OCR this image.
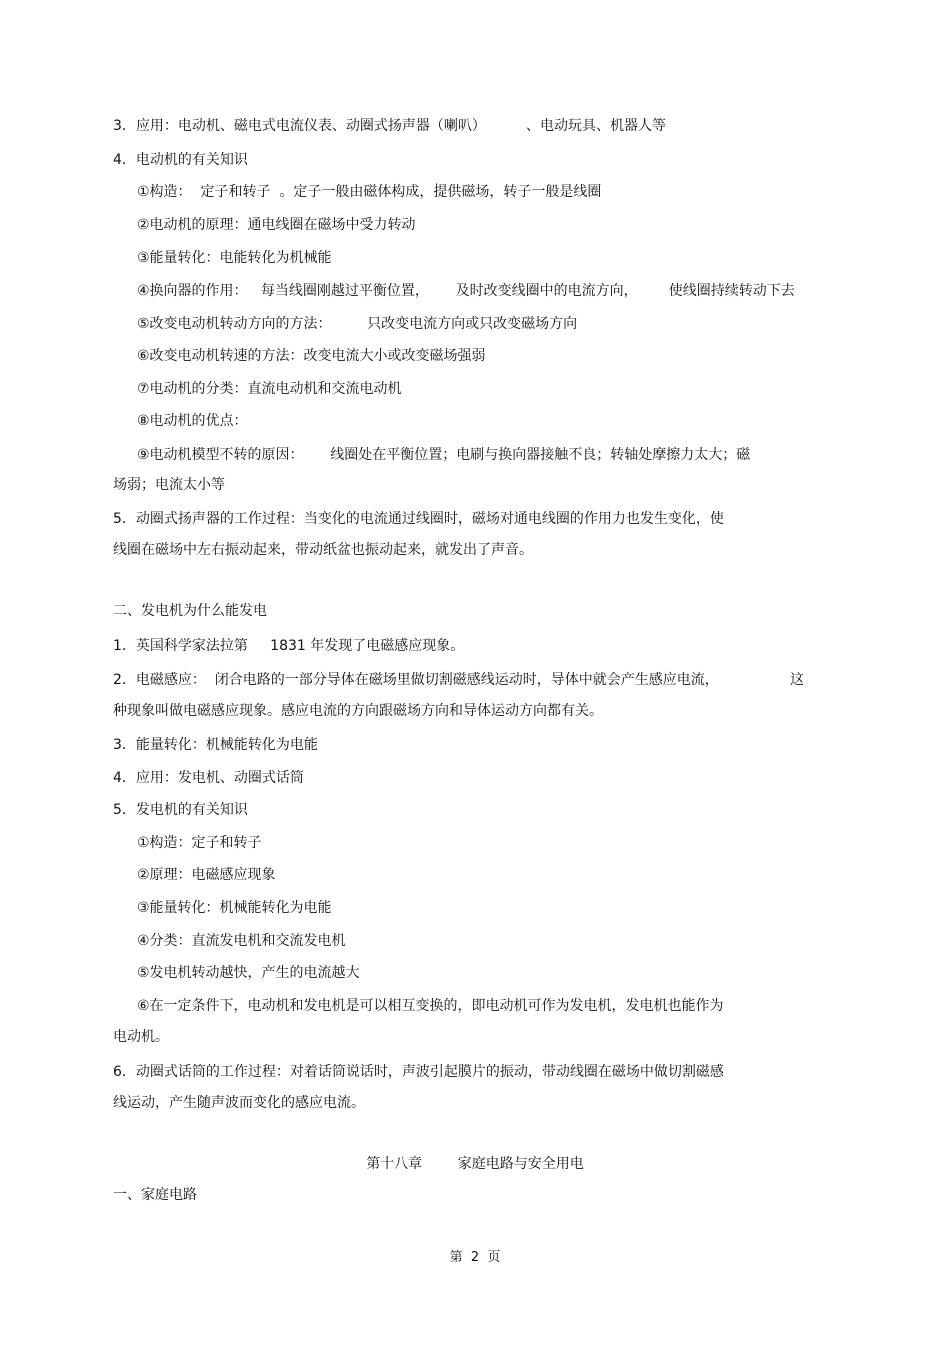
3．应用：电动机、磁电式电流仪表、动圈式扬声器（喇叭）         、电动玩具、机器人等
4．电动机的有关知识
①构造：  定子和转子  。定子一般由磁体构成，提供磁场，转子一般是线圈
②电动机的原理：通电线圈在磁场中受力转动
③能量转化：电能转化为机械能
④换向器的作用：   每当线圈刚越过平衡位置，      及时改变线圈中的电流方向，       使线圈持续转动下去
⑤改变电动机转动方向的方法：        只改变电流方向或只改变磁场方向
⑥改变电动机转速的方法：改变电流大小或改变磁场强弱
⑦电动机的分类：直流电动机和交流电动机
⑧电动机的优点：
⑨电动机模型不转的原因：      线圈处在平衡位置；电刷与换向器接触不良；转轴处摩擦力太大；磁
场弱；电流太小等
5．动圈式扬声器的工作过程：当变化的电流通过线圈时，磁场对通电线圈的作用力也发生变化，使
线圈在磁场中左右振动起来，带动纸盆也振动起来，就发出了声音。
二、发电机为什么能发电
1．英国科学家法拉第     1831 年发现了电磁感应现象。
2．电磁感应：  闭合电路的一部分导体在磁场里做切割磁感线运动时，导体中就会产生感应电流，                这
种现象叫做电磁感应现象。感应电流的方向跟磁场方向和导体运动方向都有关。
3．能量转化：机械能转化为电能
4．应用：发电机、动圈式话筒
5．发电机的有关知识
①构造：定子和转子
②原理：电磁感应现象
③能量转化：机械能转化为电能
④分类：直流发电机和交流发电机
⑤发电机转动越快，产生的电流越大
⑥在一定条件下，电动机和发电机是可以相互变换的，即电动机可作为发电机，发电机也能作为
电动机。
6．动圈式话筒的工作过程：对着话筒说话时，声波引起膜片的振动，带动线圈在磁场中做切割磁感
线运动，产生随声波而变化的感应电流。
第十八章        家庭电路与安全用电
一、家庭电路
第  2  页
